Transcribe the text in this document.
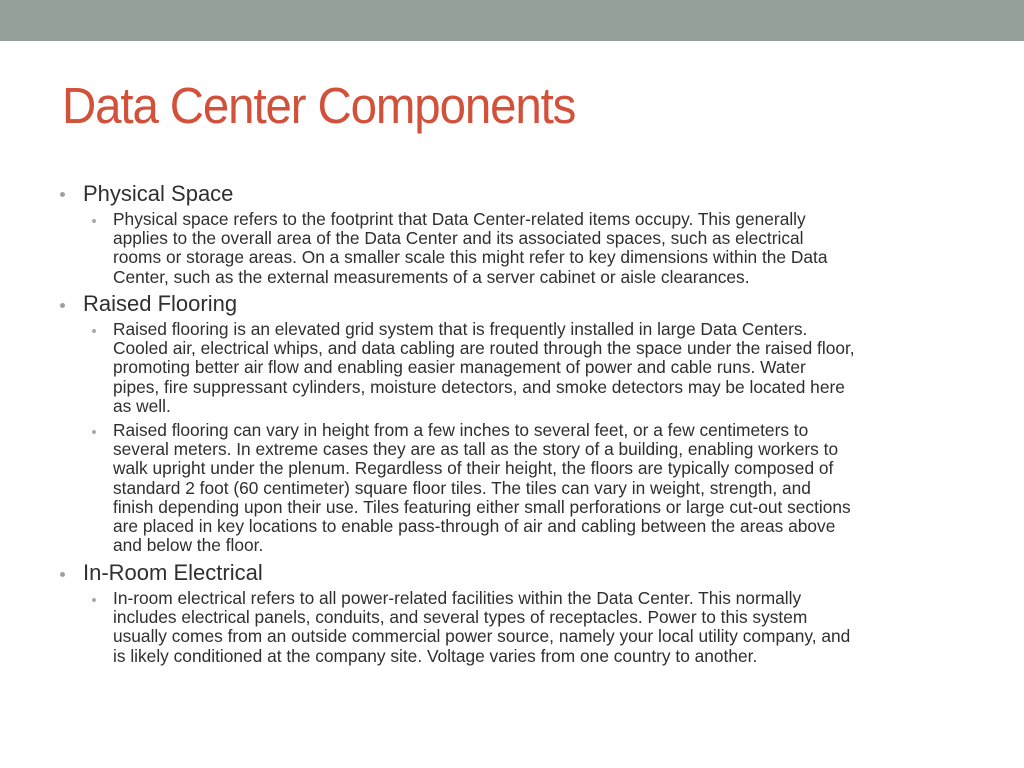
Data Center Components
Physical Space
Physical space refers to the footprint that Data Center-related items occupy. This generally
applies to the overall area of the Data Center and its associated spaces, such as electrical
rooms or storage areas. On a smaller scale this might refer to key dimensions within the Data
Center, such as the external measurements of a server cabinet or aisle clearances.
Raised Flooring
Raised flooring is an elevated grid system that is frequently installed in large Data Centers.
Cooled air, electrical whips, and data cabling are routed through the space under the raised floor,
promoting better air flow and enabling easier management of power and cable runs. Water
pipes, fire suppressant cylinders, moisture detectors, and smoke detectors may be located here
as well.
Raised flooring can vary in height from a few inches to several feet, or a few centimeters to
several meters. In extreme cases they are as tall as the story of a building, enabling workers to
walk upright under the plenum. Regardless of their height, the floors are typically composed of
standard 2 foot (60 centimeter) square floor tiles. The tiles can vary in weight, strength, and
finish depending upon their use. Tiles featuring either small perforations or large cut-out sections
are placed in key locations to enable pass-through of air and cabling between the areas above
and below the floor.
In-Room Electrical
In-room electrical refers to all power-related facilities within the Data Center. This normally
includes electrical panels, conduits, and several types of receptacles. Power to this system
usually comes from an outside commercial power source, namely your local utility company, and
is likely conditioned at the company site. Voltage varies from one country to another.
